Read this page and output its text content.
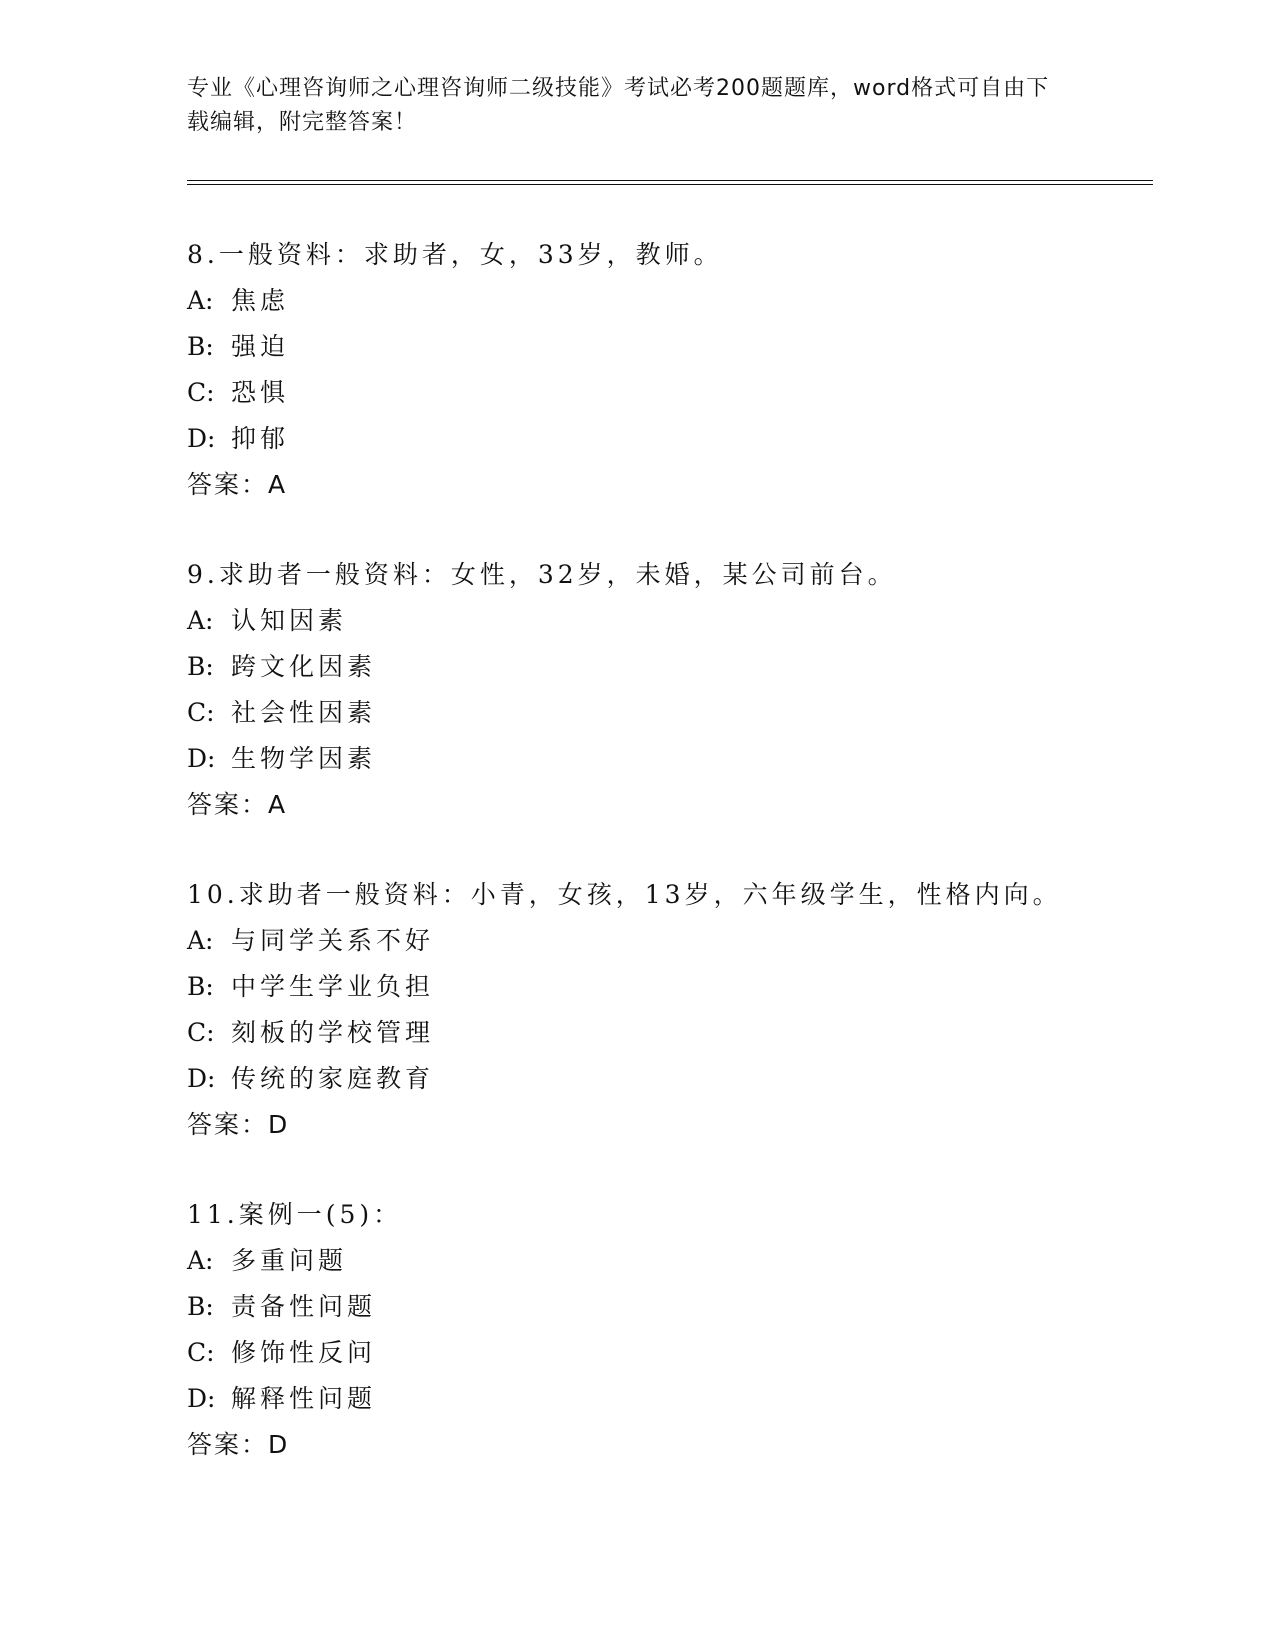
专业《心理咨询师之心理咨询师二级技能》考试必考200题题库，word格式可自由下载编辑，附完整答案！
8.一般资料：求助者，女，33岁，教师。
A: 焦虑
B: 强迫
C: 恐惧
D: 抑郁
答案：A
9.求助者一般资料：女性，32岁，未婚，某公司前台。
A: 认知因素
B: 跨文化因素
C: 社会性因素
D: 生物学因素
答案：A
10.求助者一般资料：小青，女孩，13岁，六年级学生，性格内向。
A: 与同学关系不好
B: 中学生学业负担
C: 刻板的学校管理
D: 传统的家庭教育
答案：D
11.案例一(5)：
A: 多重问题
B: 责备性问题
C: 修饰性反问
D: 解释性问题
答案：D
